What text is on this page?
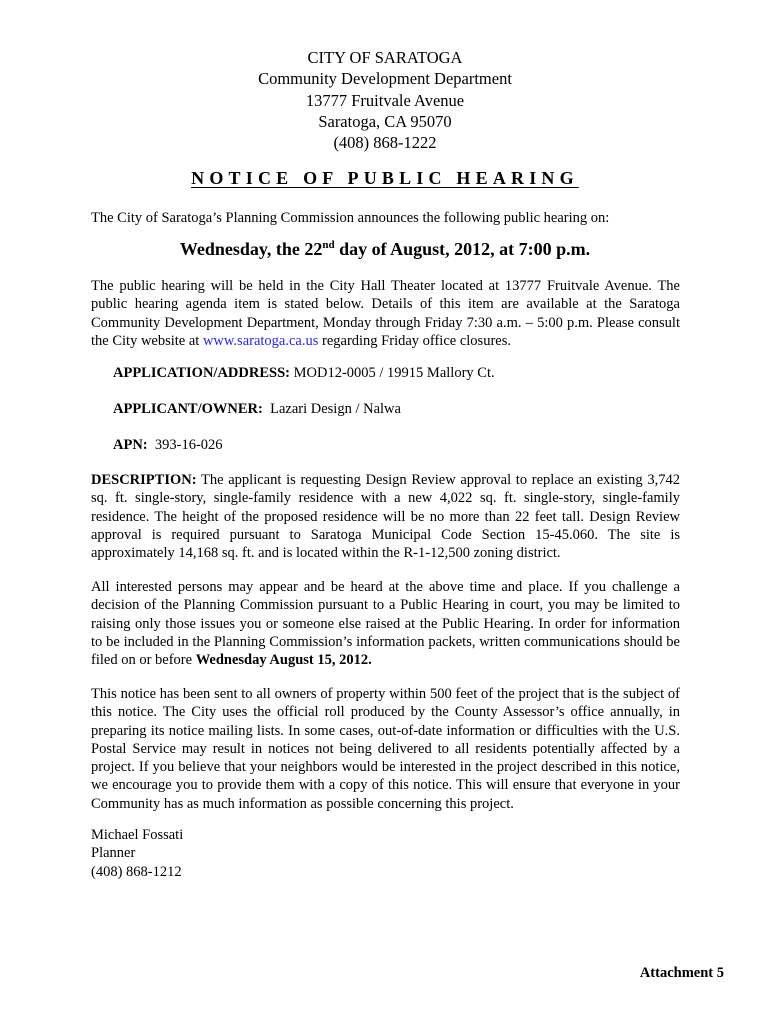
CITY OF SARATOGA
Community Development Department
13777 Fruitvale Avenue
Saratoga, CA 95070
(408) 868-1222
NOTICE OF PUBLIC HEARING
The City of Saratoga’s Planning Commission announces the following public hearing on:
Wednesday, the 22nd day of August, 2012, at 7:00 p.m.
The public hearing will be held in the City Hall Theater located at 13777 Fruitvale Avenue. The public hearing agenda item is stated below. Details of this item are available at the Saratoga Community Development Department, Monday through Friday 7:30 a.m. – 5:00 p.m. Please consult the City website at www.saratoga.ca.us regarding Friday office closures.
APPLICATION/ADDRESS: MOD12-0005 / 19915 Mallory Ct.
APPLICANT/OWNER:  Lazari Design / Nalwa
APN:  393-16-026
DESCRIPTION: The applicant is requesting Design Review approval to replace an existing 3,742 sq. ft. single-story, single-family residence with a new 4,022 sq. ft. single-story, single-family residence. The height of the proposed residence will be no more than 22 feet tall. Design Review approval is required pursuant to Saratoga Municipal Code Section 15-45.060. The site is approximately 14,168 sq. ft. and is located within the R-1-12,500 zoning district.
All interested persons may appear and be heard at the above time and place. If you challenge a decision of the Planning Commission pursuant to a Public Hearing in court, you may be limited to raising only those issues you or someone else raised at the Public Hearing. In order for information to be included in the Planning Commission’s information packets, written communications should be filed on or before Wednesday August 15, 2012.
This notice has been sent to all owners of property within 500 feet of the project that is the subject of this notice. The City uses the official roll produced by the County Assessor’s office annually, in preparing its notice mailing lists. In some cases, out-of-date information or difficulties with the U.S. Postal Service may result in notices not being delivered to all residents potentially affected by a project. If you believe that your neighbors would be interested in the project described in this notice, we encourage you to provide them with a copy of this notice. This will ensure that everyone in your Community has as much information as possible concerning this project.
Michael Fossati
Planner
(408) 868-1212
Attachment 5
